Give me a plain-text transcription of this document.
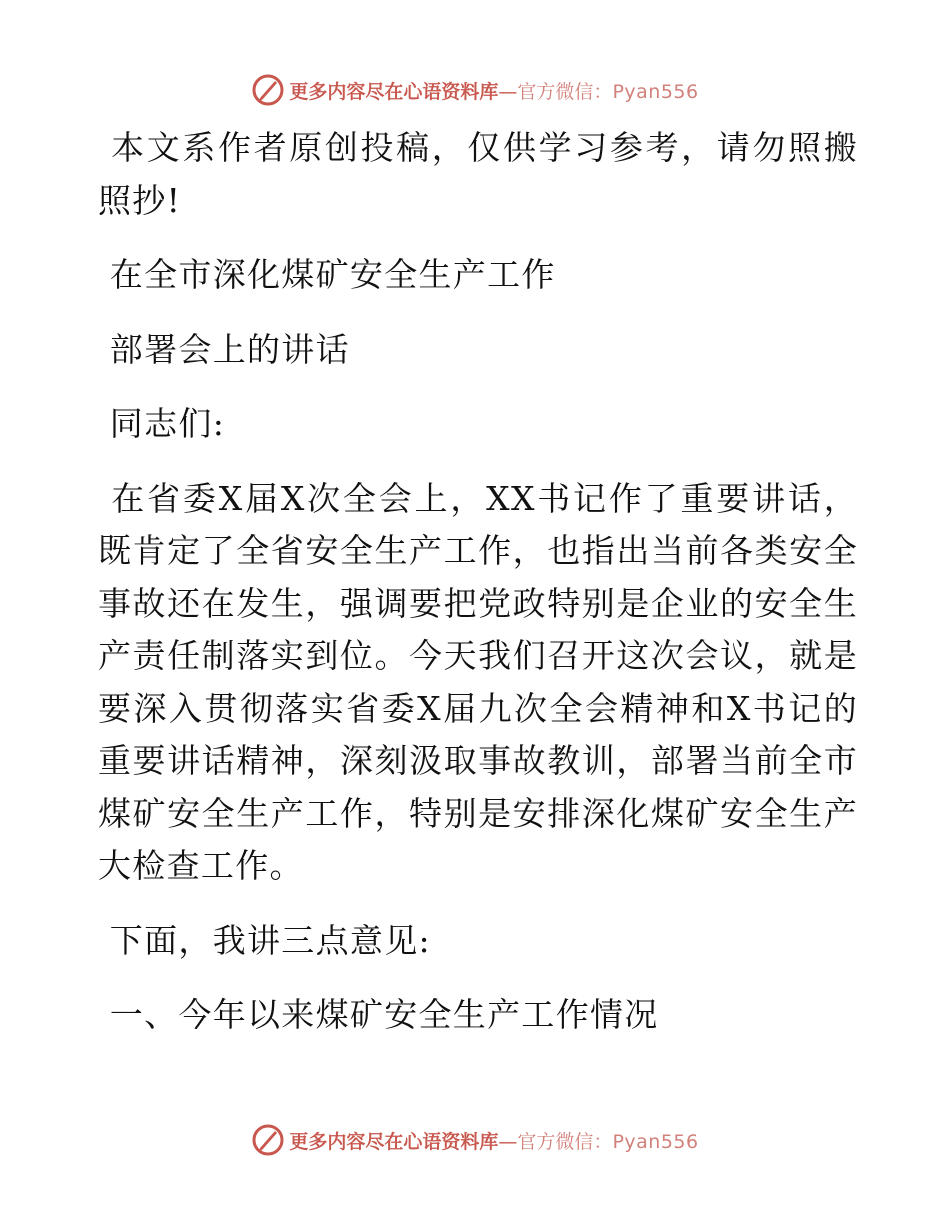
更多内容尽在心语资料库—官方微信：Pyan556

本文系作者原创投稿，仅供学习参考，请勿照搬照抄!

在全市深化煤矿安全生产工作

部署会上的讲话

同志们:

在省委X届X次全会上，XX书记作了重要讲话，既肯定了全省安全生产工作，也指出当前各类安全事故还在发生，强调要把党政特别是企业的安全生产责任制落实到位。今天我们召开这次会议，就是要深入贯彻落实省委X届九次全会精神和X书记的重要讲话精神，深刻汲取事故教训，部署当前全市煤矿安全生产工作，特别是安排深化煤矿安全生产大检查工作。

下面，我讲三点意见:

一、今年以来煤矿安全生产工作情况

更多内容尽在心语资料库—官方微信：Pyan556
